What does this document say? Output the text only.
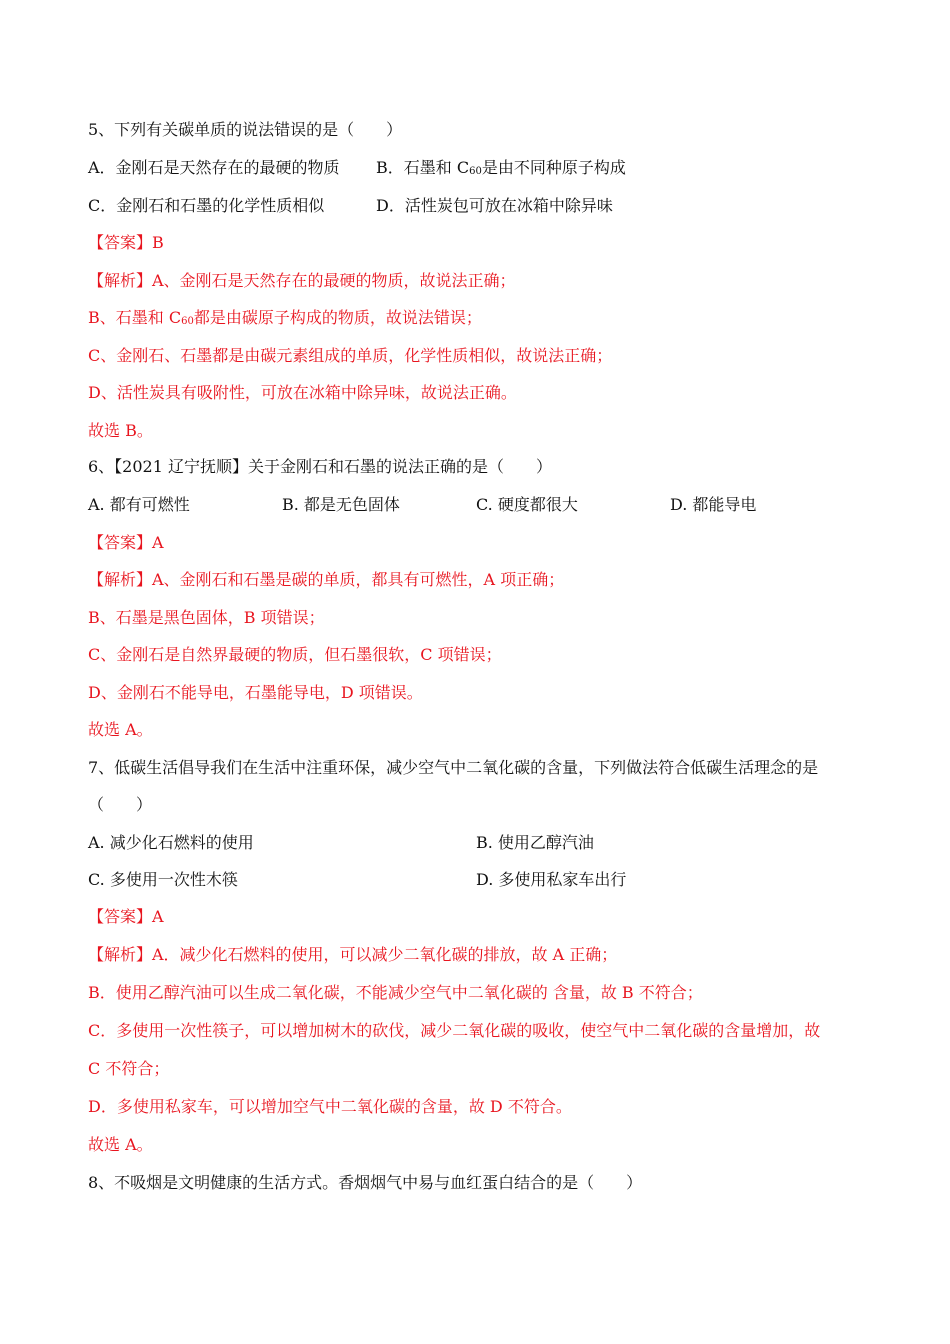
5、下列有关碳单质的说法错误的是（　　）
A．金刚石是天然存在的最硬的物质 B．石墨和 $C_{60}$是由不同种原子构成
C．金刚石和石墨的化学性质相似	D．活性炭包可放在冰箱中除异味
【答案】B
【解析】A、金刚石是天然存在的最硬的物质，故说法正确；
B、石墨和 $C_{60}$都是由碳原子构成的物质，故说法错误；
C、金刚石、石墨都是由碳元素组成的单质，化学性质相似，故说法正确；
D、活性炭具有吸附性，可放在冰箱中除异味，故说法正确。
故选 B。
6、【2021 辽宁抚顺】关于金刚石和石墨的说法正确的是（　　）
A. 都有可燃性	B. 都是无色固体	C. 硬度都很大	D. 都能导电
【答案】A
【解析】A、金刚石和石墨是碳的单质，都具有可燃性，A 项正确；
B、石墨是黑色固体，B 项错误；
C、金刚石是自然界最硬的物质，但石墨很软，C 项错误；
D、金刚石不能导电，石墨能导电，D 项错误。
故选 A。
7、低碳生活倡导我们在生活中注重环保，减少空气中二氧化碳的含量，下列做法符合低碳生活理念的是
（　　）
A. 减少化石燃料的使用	B. 使用乙醇汽油
C. 多使用一次性木筷	D. 多使用私家车出行
【答案】A
【解析】A．减少化石燃料的使用，可以减少二氧化碳的排放，故 A 正确；
B．使用乙醇汽油可以生成二氧化碳，不能减少空气中二氧化碳的 含量，故 B 不符合；
C．多使用一次性筷子，可以增加树木的砍伐，减少二氧化碳的吸收，使空气中二氧化碳的含量增加，故
C 不符合；
D．多使用私家车，可以增加空气中二氧化碳的含量，故 D 不符合。
故选 A。
8、不吸烟是文明健康的生活方式。香烟烟气中易与血红蛋白结合的是（　　）
